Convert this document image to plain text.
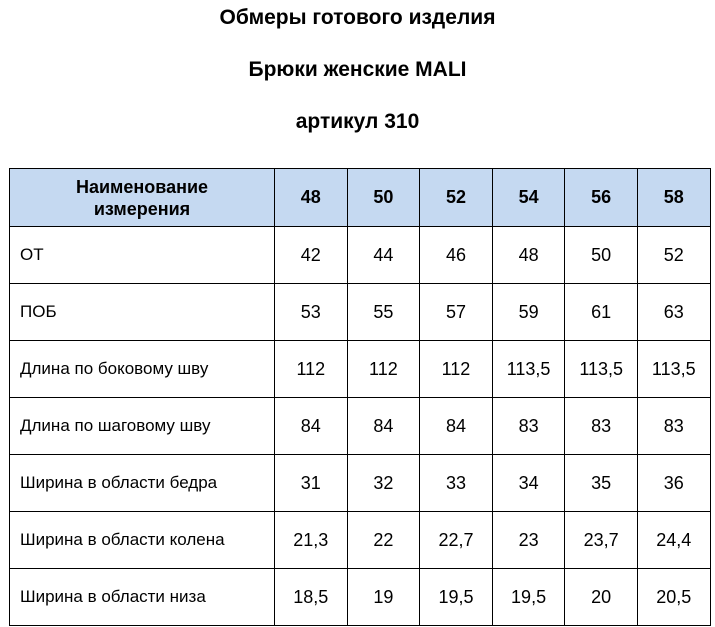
Обмеры готового изделия
Брюки женские MALI
артикул 310
Наименование
измерения	48	50	52	54	56	58
ОТ	42	44	46	48	50	52
ПОБ	53	55	57	59	61	63
Длина по боковому шву	112	112	112	113,5	113,5	113,5
Длина по шаговому шву	84	84	84	83	83	83
Ширина в области бедра	31	32	33	34	35	36
Ширина в области колена	21,3	22	22,7	23	23,7	24,4
Ширина в области низа	18,5	19	19,5	19,5	20	20,5
